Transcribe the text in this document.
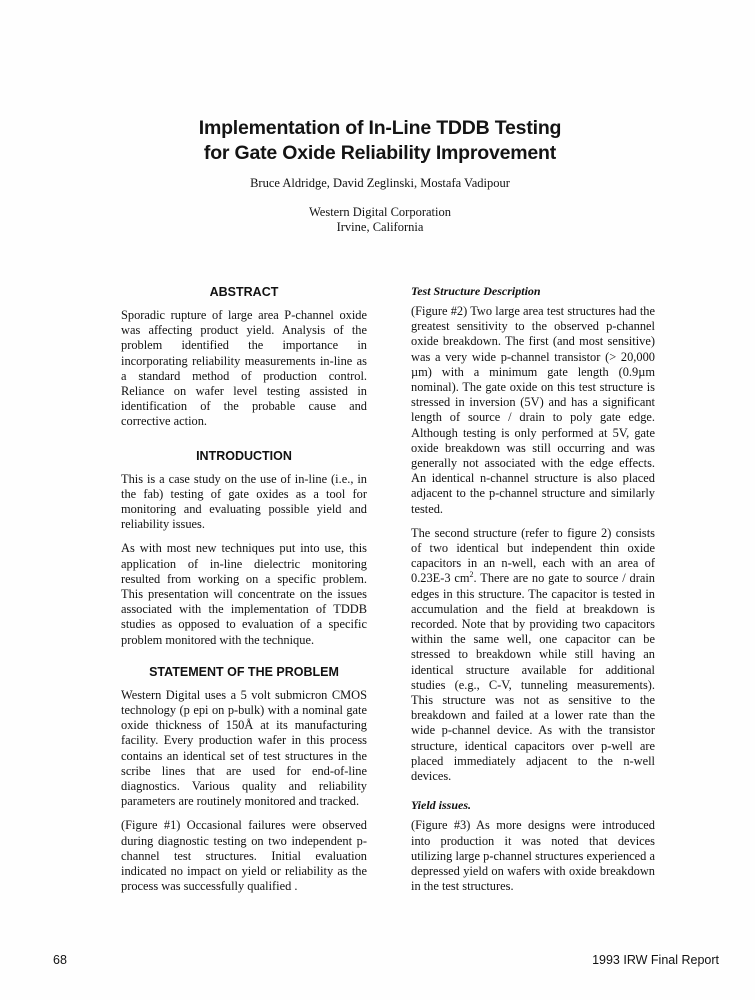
Implementation of In-Line TDDB Testing
for Gate Oxide Reliability Improvement
Bruce Aldridge, David Zeglinski, Mostafa Vadipour
Western Digital Corporation
Irvine, California
ABSTRACT

Sporadic rupture of large area P-channel oxide was affecting product yield. Analysis of the problem identified the importance in incorporating reliability measurements in-line as a standard method of production control. Reliance on wafer level testing assisted in identification of the probable cause and corrective action.

INTRODUCTION

This is a case study on the use of in-line (i.e., in the fab) testing of gate oxides as a tool for monitoring and evaluating possible yield and reliability issues.

As with most new techniques put into use, this application of in-line dielectric monitoring resulted from working on a specific problem. This presentation will concentrate on the issues associated with the implementation of TDDB studies as opposed to evaluation of a specific problem monitored with the technique.

STATEMENT OF THE PROBLEM

Western Digital uses a 5 volt submicron CMOS technology (p epi on p-bulk) with a nominal gate oxide thickness of 150Å at its manufacturing facility. Every production wafer in this process contains an identical set of test structures in the scribe lines that are used for end-of-line diagnostics. Various quality and reliability parameters are routinely monitored and tracked.

(Figure #1) Occasional failures were observed during diagnostic testing on two independent p-channel test structures. Initial evaluation indicated no impact on yield or reliability as the process was successfully qualified .

Test Structure Description

(Figure #2) Two large area test structures had the greatest sensitivity to the observed p-channel oxide breakdown. The first (and most sensitive) was a very wide p-channel transistor (> 20,000 µm) with a minimum gate length (0.9µm nominal). The gate oxide on this test structure is stressed in inversion (5V) and has a significant length of source / drain to poly gate edge. Although testing is only performed at 5V, gate oxide breakdown was still occurring and was generally not associated with the edge effects. An identical n-channel structure is also placed adjacent to the p-channel structure and similarly tested.

The second structure (refer to figure 2) consists of two identical but independent thin oxide capacitors in an n-well, each with an area of 0.23E-3 $cm^2$. There are no gate to source / drain edges in this structure. The capacitor is tested in accumulation and the field at breakdown is recorded. Note that by providing two capacitors within the same well, one capacitor can be stressed to breakdown while still having an identical structure available for additional studies (e.g., C-V, tunneling measurements). This structure was not as sensitive to the breakdown and failed at a lower rate than the wide p-channel device. As with the transistor structure, identical capacitors over p-well are placed immediately adjacent to the n-well devices.

Yield issues.

(Figure #3) As more designs were introduced into production it was noted that devices utilizing large p-channel structures experienced a depressed yield on wafers with oxide breakdown in the test structures.

68	1993 IRW Final Report
